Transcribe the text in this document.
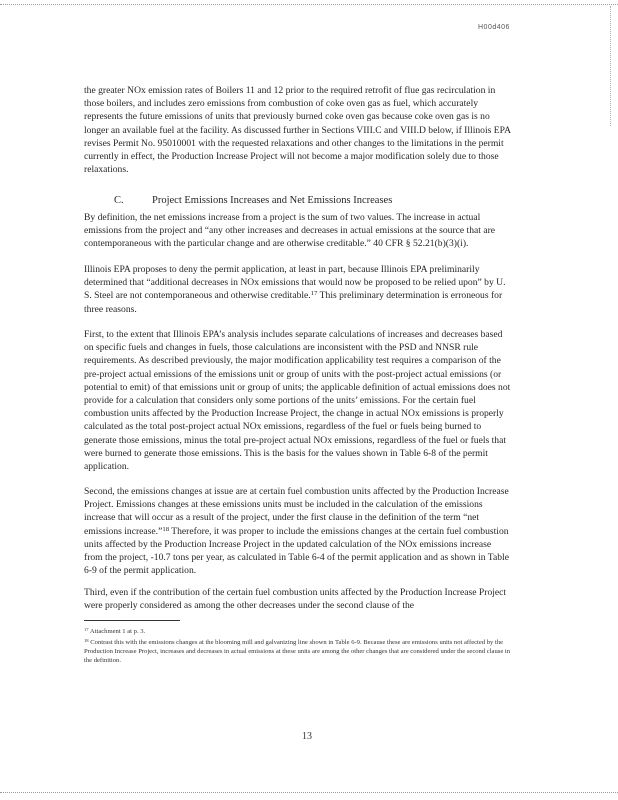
H00d406

the greater NOx emission rates of Boilers 11 and 12 prior to the required retrofit of flue gas recirculation in those boilers, and includes zero emissions from combustion of coke oven gas as fuel, which accurately represents the future emissions of units that previously burned coke oven gas because coke oven gas is no longer an available fuel at the facility. As discussed further in Sections VIII.C and VIII.D below, if Illinois EPA revises Permit No. 95010001 with the requested relaxations and other changes to the limitations in the permit currently in effect, the Production Increase Project will not become a major modification solely due to those relaxations.

C.	Project Emissions Increases and Net Emissions Increases

By definition, the net emissions increase from a project is the sum of two values. The increase in actual emissions from the project and “any other increases and decreases in actual emissions at the source that are contemporaneous with the particular change and are otherwise creditable.” 40 CFR § 52.21(b)(3)(i).

Illinois EPA proposes to deny the permit application, at least in part, because Illinois EPA preliminarily determined that “additional decreases in NOx emissions that would now be proposed to be relied upon” by U. S. Steel are not contemporaneous and otherwise creditable.$^{17}$ This preliminary determination is erroneous for three reasons.

First, to the extent that Illinois EPA’s analysis includes separate calculations of increases and decreases based on specific fuels and changes in fuels, those calculations are inconsistent with the PSD and NNSR rule requirements. As described previously, the major modification applicability test requires a comparison of the pre-project actual emissions of the emissions unit or group of units with the post-project actual emissions (or potential to emit) of that emissions unit or group of units; the applicable definition of actual emissions does not provide for a calculation that considers only some portions of the units’ emissions. For the certain fuel combustion units affected by the Production Increase Project, the change in actual NOx emissions is properly calculated as the total post-project actual NOx emissions, regardless of the fuel or fuels being burned to generate those emissions, minus the total pre-project actual NOx emissions, regardless of the fuel or fuels that were burned to generate those emissions. This is the basis for the values shown in Table 6-8 of the permit application.

Second, the emissions changes at issue are at certain fuel combustion units affected by the Production Increase Project. Emissions changes at these emissions units must be included in the calculation of the emissions increase that will occur as a result of the project, under the first clause in the definition of the term “net emissions increase.”$^{18}$ Therefore, it was proper to include the emissions changes at the certain fuel combustion units affected by the Production Increase Project in the updated calculation of the NOx emissions increase from the project, -10.7 tons per year, as calculated in Table 6-4 of the permit application and as shown in Table 6-9 of the permit application.

Third, even if the contribution of the certain fuel combustion units affected by the Production Increase Project were properly considered as among the other decreases under the second clause of the

$^{17}$ Attachment 1 at p. 3.

$^{18}$ Contrast this with the emissions changes at the blooming mill and galvanizing line shown in Table 6-9. Because these are emissions units not affected by the Production Increase Project, increases and decreases in actual emissions at these units are among the other changes that are considered under the second clause in the definition.

13
